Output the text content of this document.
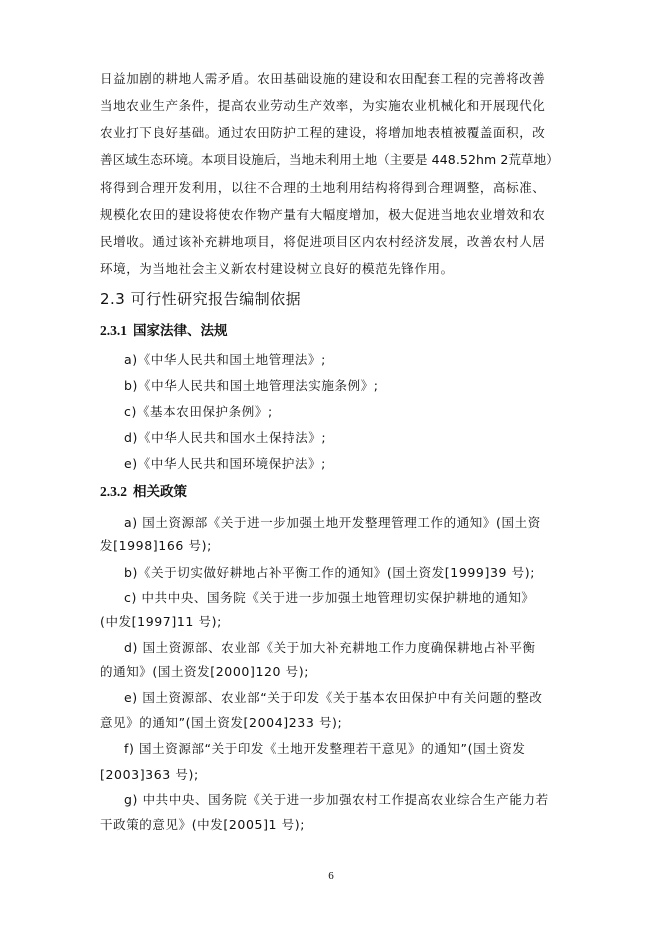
日益加剧的耕地人需矛盾。农田基础设施的建设和农田配套工程的完善将改善
当地农业生产条件，提高农业劳动生产效率，为实施农业机械化和开展现代化
农业打下良好基础。通过农田防护工程的建设，将增加地表植被覆盖面积，改
善区域生态环境。本项目设施后，当地未利用土地（主要是 448.52hm 2荒草地）
将得到合理开发利用，以往不合理的土地利用结构将得到合理调整，高标准、
规模化农田的建设将使农作物产量有大幅度增加，极大促进当地农业增效和农
民增收。通过该补充耕地项目，将促进项目区内农村经济发展，改善农村人居
环境，为当地社会主义新农村建设树立良好的模范先锋作用。
2.3 可行性研究报告编制依据
2.3.1 国家法律、法规
a)《中华人民共和国土地管理法》;
b)《中华人民共和国土地管理法实施条例》;
c)《基本农田保护条例》;
d)《中华人民共和国水土保持法》;
e)《中华人民共和国环境保护法》;
2.3.2 相关政策
a) 国土资源部《关于进一步加强土地开发整理管理工作的通知》(国土资
发[1998]166 号);
b)《关于切实做好耕地占补平衡工作的通知》(国土资发[1999]39 号);
c) 中共中央、国务院《关于进一步加强土地管理切实保护耕地的通知》
(中发[1997]11 号);
d) 国土资源部、农业部《关于加大补充耕地工作力度确保耕地占补平衡
的通知》(国土资发[2000]120 号);
e) 国土资源部、农业部“关于印发《关于基本农田保护中有关问题的整改
意见》的通知”(国土资发[2004]233 号);
f) 国土资源部“关于印发《土地开发整理若干意见》的通知”(国土资发
[2003]363 号);
g) 中共中央、国务院《关于进一步加强农村工作提高农业综合生产能力若
干政策的意见》(中发[2005]1 号);
6
